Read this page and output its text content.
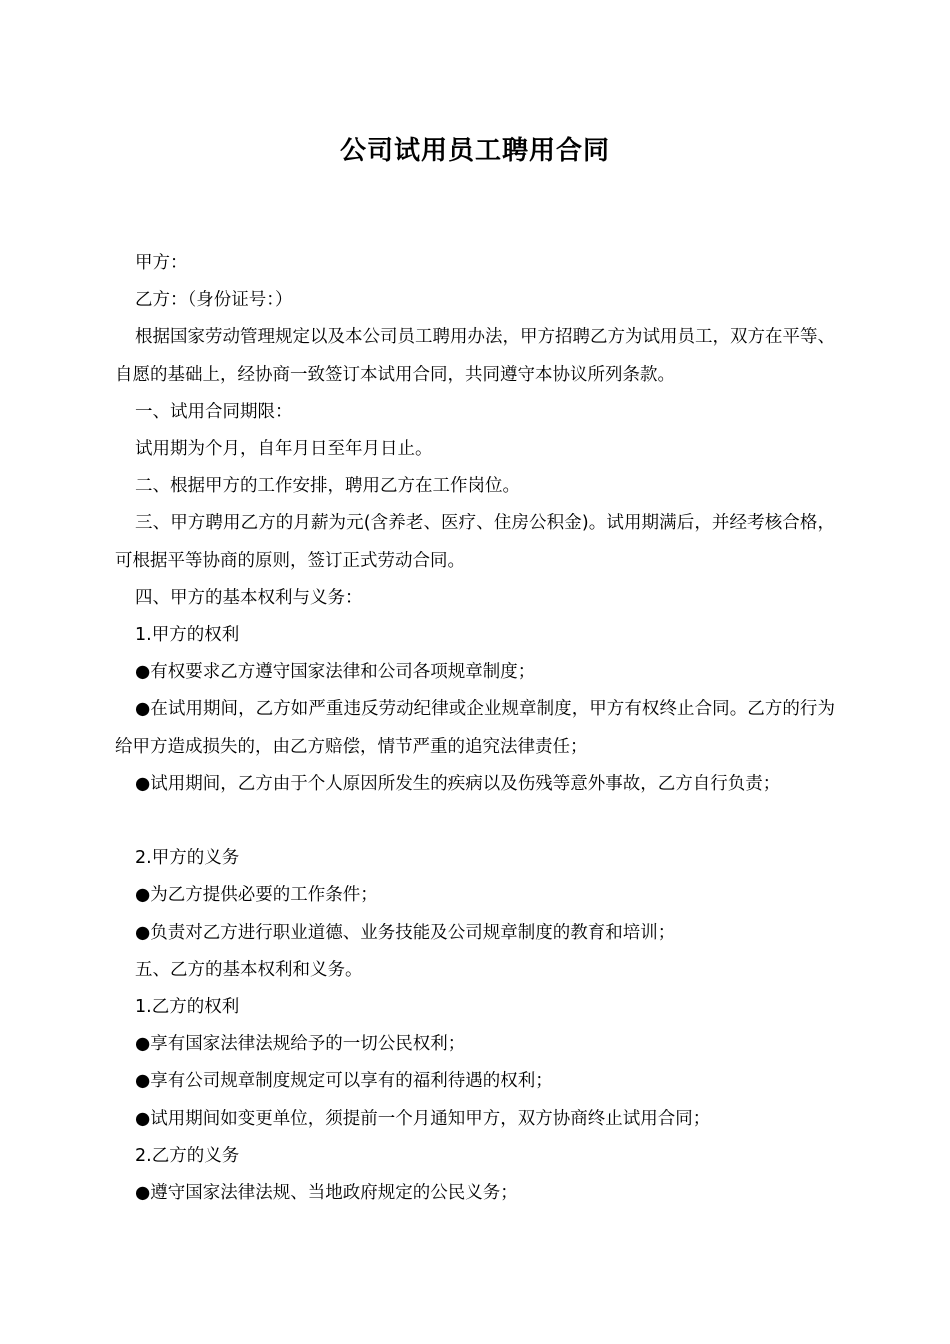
公司试用员工聘用合同

甲方：

乙方：（身份证号：）

根据国家劳动管理规定以及本公司员工聘用办法，甲方招聘乙方为试用员工，双方在平等、自愿的基础上，经协商一致签订本试用合同，共同遵守本协议所列条款。

一、试用合同期限：

试用期为个月，自年月日至年月日止。

二、根据甲方的工作安排，聘用乙方在工作岗位。

三、甲方聘用乙方的月薪为元(含养老、医疗、住房公积金)。试用期满后，并经考核合格，可根据平等协商的原则，签订正式劳动合同。

四、甲方的基本权利与义务：

1.甲方的权利

●有权要求乙方遵守国家法律和公司各项规章制度；

●在试用期间，乙方如严重违反劳动纪律或企业规章制度，甲方有权终止合同。乙方的行为给甲方造成损失的，由乙方赔偿，情节严重的追究法律责任；

●试用期间，乙方由于个人原因所发生的疾病以及伤残等意外事故，乙方自行负责；

2.甲方的义务

●为乙方提供必要的工作条件；

●负责对乙方进行职业道德、业务技能及公司规章制度的教育和培训；

五、乙方的基本权利和义务。

1.乙方的权利

●享有国家法律法规给予的一切公民权利；

●享有公司规章制度规定可以享有的福利待遇的权利；

●试用期间如变更单位，须提前一个月通知甲方，双方协商终止试用合同；

2.乙方的义务

●遵守国家法律法规、当地政府规定的公民义务；
